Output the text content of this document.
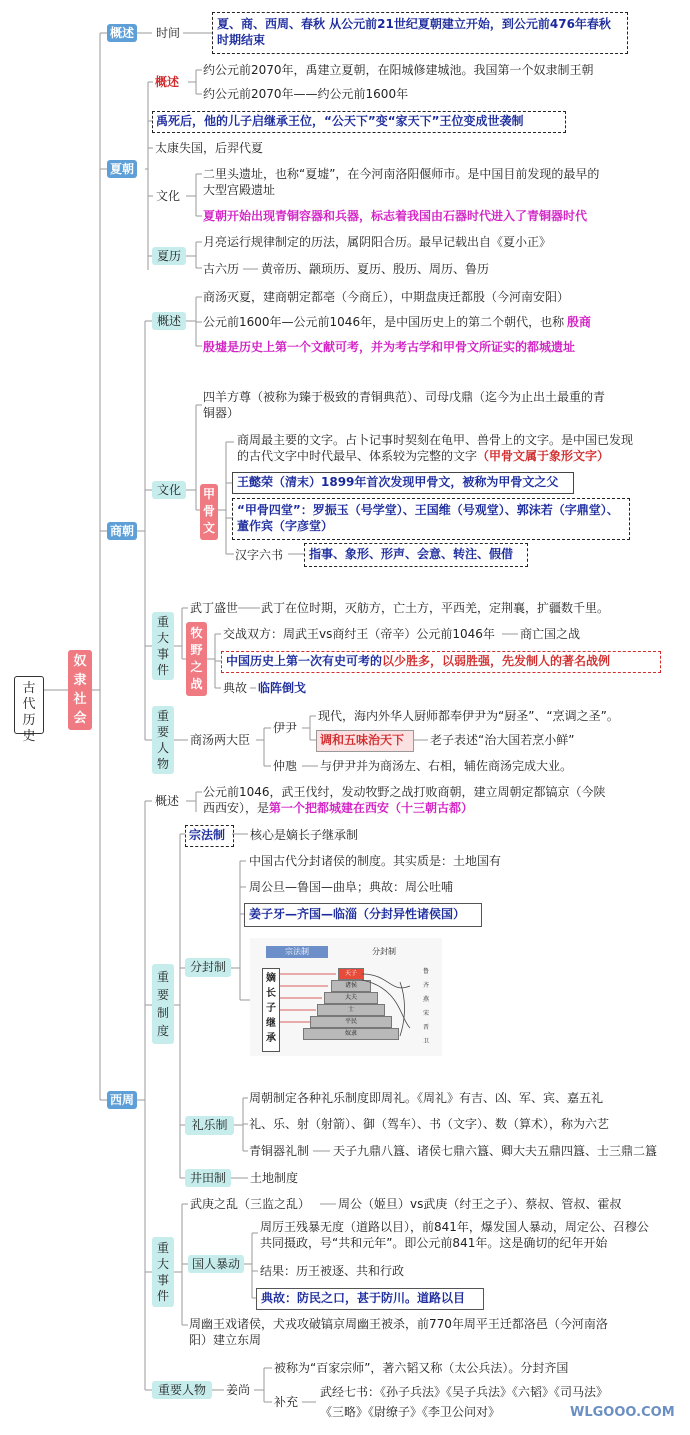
古代历史
奴隶社会
概述 时间
夏、商、西周、春秋 从公元前21世纪夏朝建立开始，到公元前476年春秋时期结束
夏朝
概述
约公元前2070年，禹建立夏朝，在阳城修建城池。我国第一个奴隶制王朝
约公元前2070年——约公元前1600年
禹死后，他的儿子启继承王位，“公天下”变“家天下”王位变成世袭制
太康失国，后羿代夏
文化
二里头遗址，也称“夏墟”，在今河南洛阳偃师市。是中国目前发现的最早的大型宫殿遗址
夏朝开始出现青铜容器和兵器，标志着我国由石器时代进入了青铜器时代
夏历
月亮运行规律制定的历法，属阴阳合历。最早记载出自《夏小正》
古六历 黄帝历、颛顼历、夏历、殷历、周历、鲁历
商朝
概述
商汤灭夏，建商朝定都亳（今商丘），中期盘庚迁都殷（今河南安阳）
公元前1600年—公元前1046年，是中国历史上的第二个朝代，也称 殷商
殷墟是历史上第一个文献可考，并为考古学和甲骨文所证实的都城遗址
文化
四羊方尊（被称为臻于极致的青铜典范）、司母戊鼎（迄今为止出土最重的青铜器）
甲骨文
商周最主要的文字。占卜记事时契刻在龟甲、兽骨上的文字。是中国已发现的古代文字中时代最早、体系较为完整的文字（甲骨文属于象形文字）
王懿荣（清末）1899年首次发现甲骨文，被称为甲骨文之父
“甲骨四堂”：罗振玉（号学堂）、王国维（号观堂）、郭沫若（字鼎堂）、董作宾（字彦堂）
汉字六书 指事、象形、形声、会意、转注、假借
重大事件
武丁盛世 武丁在位时期，灭舫方，亡土方，平西羌，定荆襄，扩疆数千里。
牧野之战
交战双方：周武王vs商纣王（帝辛）公元前1046年 商亡国之战
中国历史上第一次有史可考的以少胜多，以弱胜强，先发制人的著名战例
典故 临阵倒戈
重要人物
商汤两大臣
伊尹
现代，海内外华人厨师都奉伊尹为“厨圣”、“烹调之圣”。
调和五味治天下 老子表述“治大国若烹小鲜”
仲虺 与伊尹并为商汤左、右相，辅佐商汤完成大业。
西周
概述
公元前1046，武王伐纣，发动牧野之战打败商朝，建立周朝定都镐京（今陕西西安），是第一个把都城建在西安（十三朝古都）
重要制度
宗法制 核心是嫡长子继承制
分封制
中国古代分封诸侯的制度。其实质是：土地国有
周公旦—鲁国—曲阜；典故：周公吐哺
姜子牙—齐国—临淄（分封异性诸侯国）
宗法制	分封制
嫡长子继承
天子
诸侯
大夫
士
平民
奴隶
鲁
齐
燕
宋
晋
卫
礼乐制
周朝制定各种礼乐制度即周礼。《周礼》有吉、凶、军、宾、嘉五礼
礼、乐、射（射箭）、御（驾车）、书（文字）、数（算术），称为六艺
青铜器礼制 天子九鼎八簋、诸侯七鼎六簋、卿大夫五鼎四簋、士三鼎二簋
井田制	土地制度
重大事件
武庚之乱（三监之乱） 周公（姬旦）vs武庚（纣王之子）、蔡叔、管叔、霍叔
国人暴动
周厉王残暴无度（道路以目），前841年，爆发国人暴动，周定公、召穆公共同摄政，号“共和元年”。即公元前841年。这是确切的纪年开始
结果：历王被逐、共和行政
典故：防民之口，甚于防川。道路以目
周幽王戏诸侯，犬戎攻破镐京周幽王被杀，前770年周平王迁都洛邑（今河南洛阳）建立东周
重要人物	姜尚
被称为“百家宗师”，著六韬又称（太公兵法）。分封齐国
补充
武经七书：《孙子兵法》《吴子兵法》《六韬》《司马法》
《三略》《尉缭子》《李卫公问对》	WLGOOO.COM
